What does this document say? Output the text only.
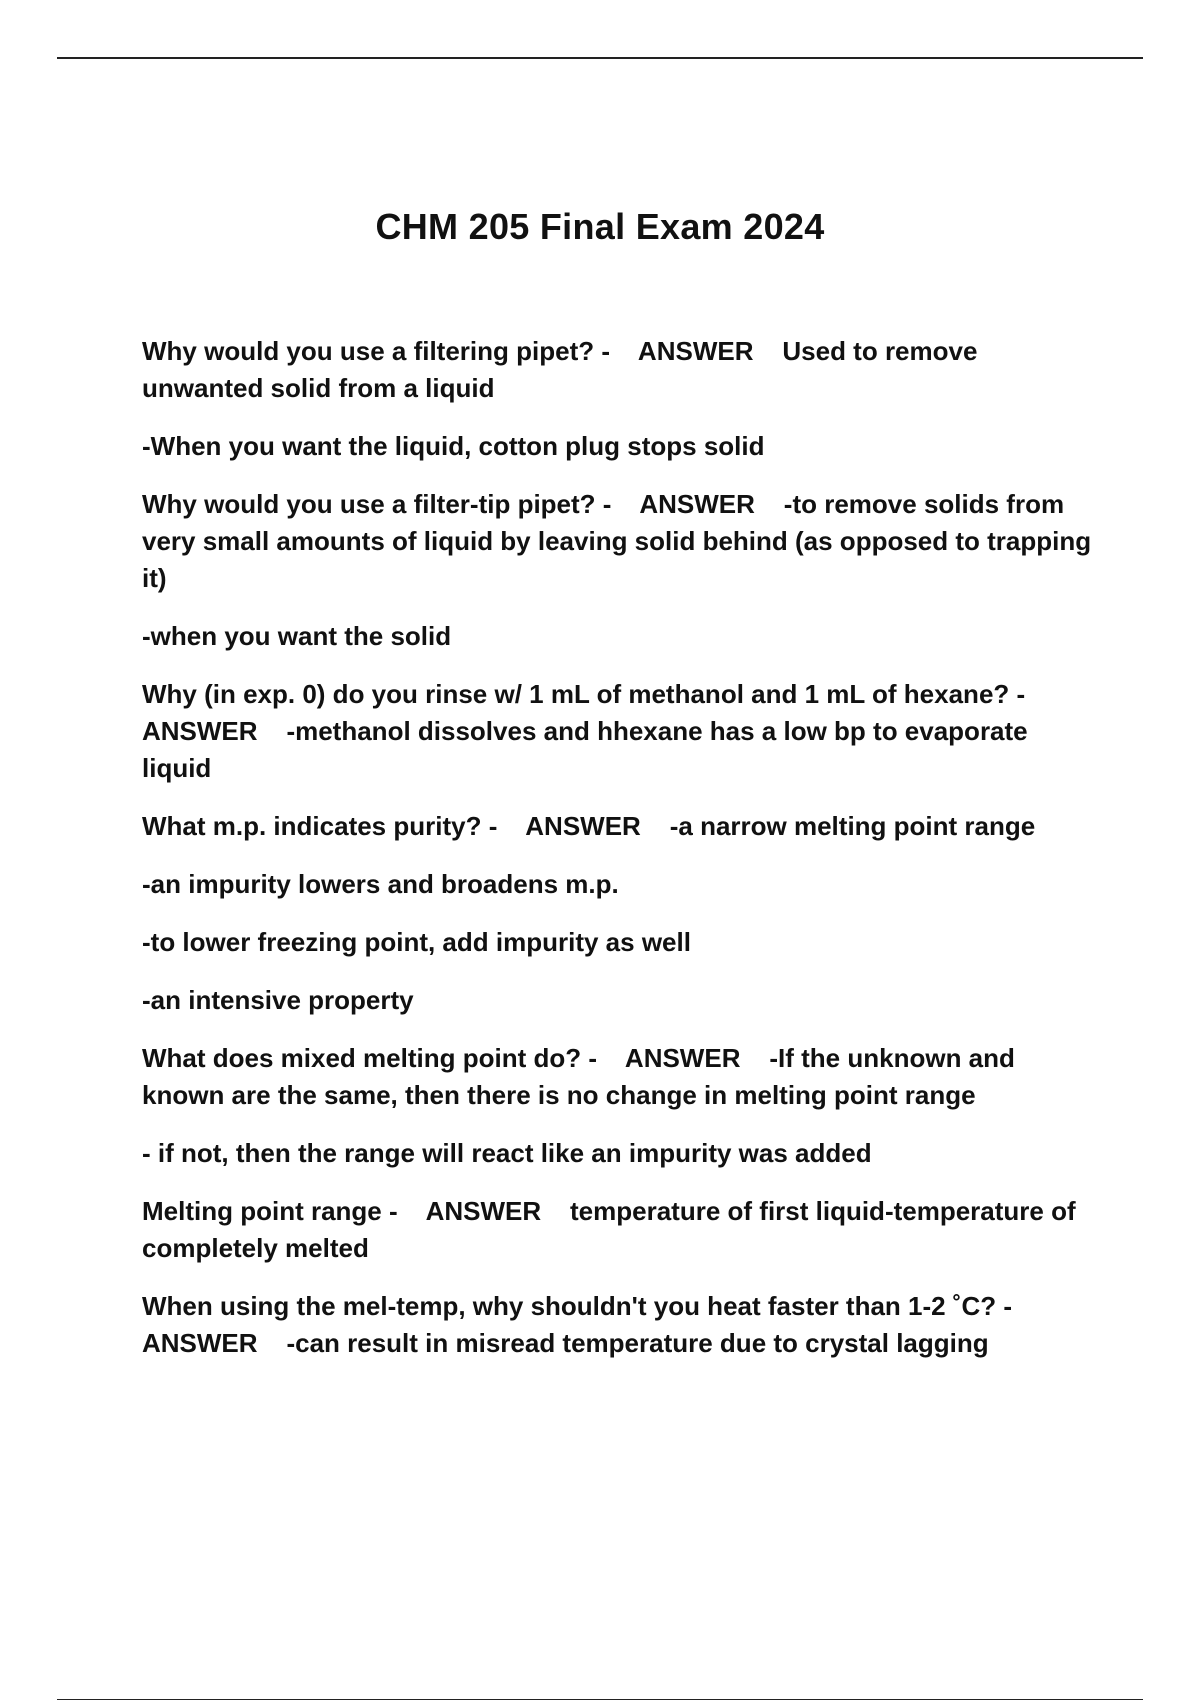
CHM 205 Final Exam 2024

Why would you use a filtering pipet? -    ANSWER    Used to remove unwanted solid from a liquid

-When you want the liquid, cotton plug stops solid

Why would you use a filter-tip pipet? -    ANSWER    -to remove solids from very small amounts of liquid by leaving solid behind (as opposed to trapping it)

-when you want the solid

Why (in exp. 0) do you rinse w/ 1 mL of methanol and 1 mL of hexane? -    ANSWER    -methanol dissolves and hhexane has a low bp to evaporate liquid

What m.p. indicates purity? -    ANSWER    -a narrow melting point range

-an impurity lowers and broadens m.p.

-to lower freezing point, add impurity as well

-an intensive property

What does mixed melting point do? -    ANSWER    -If the unknown and known are the same, then there is no change in melting point range

- if not, then the range will react like an impurity was added

Melting point range -    ANSWER    temperature of first liquid-temperature of completely melted

When using the mel-temp, why shouldn't you heat faster than 1-2 ˚C? -    ANSWER    -can result in misread temperature due to crystal lagging
